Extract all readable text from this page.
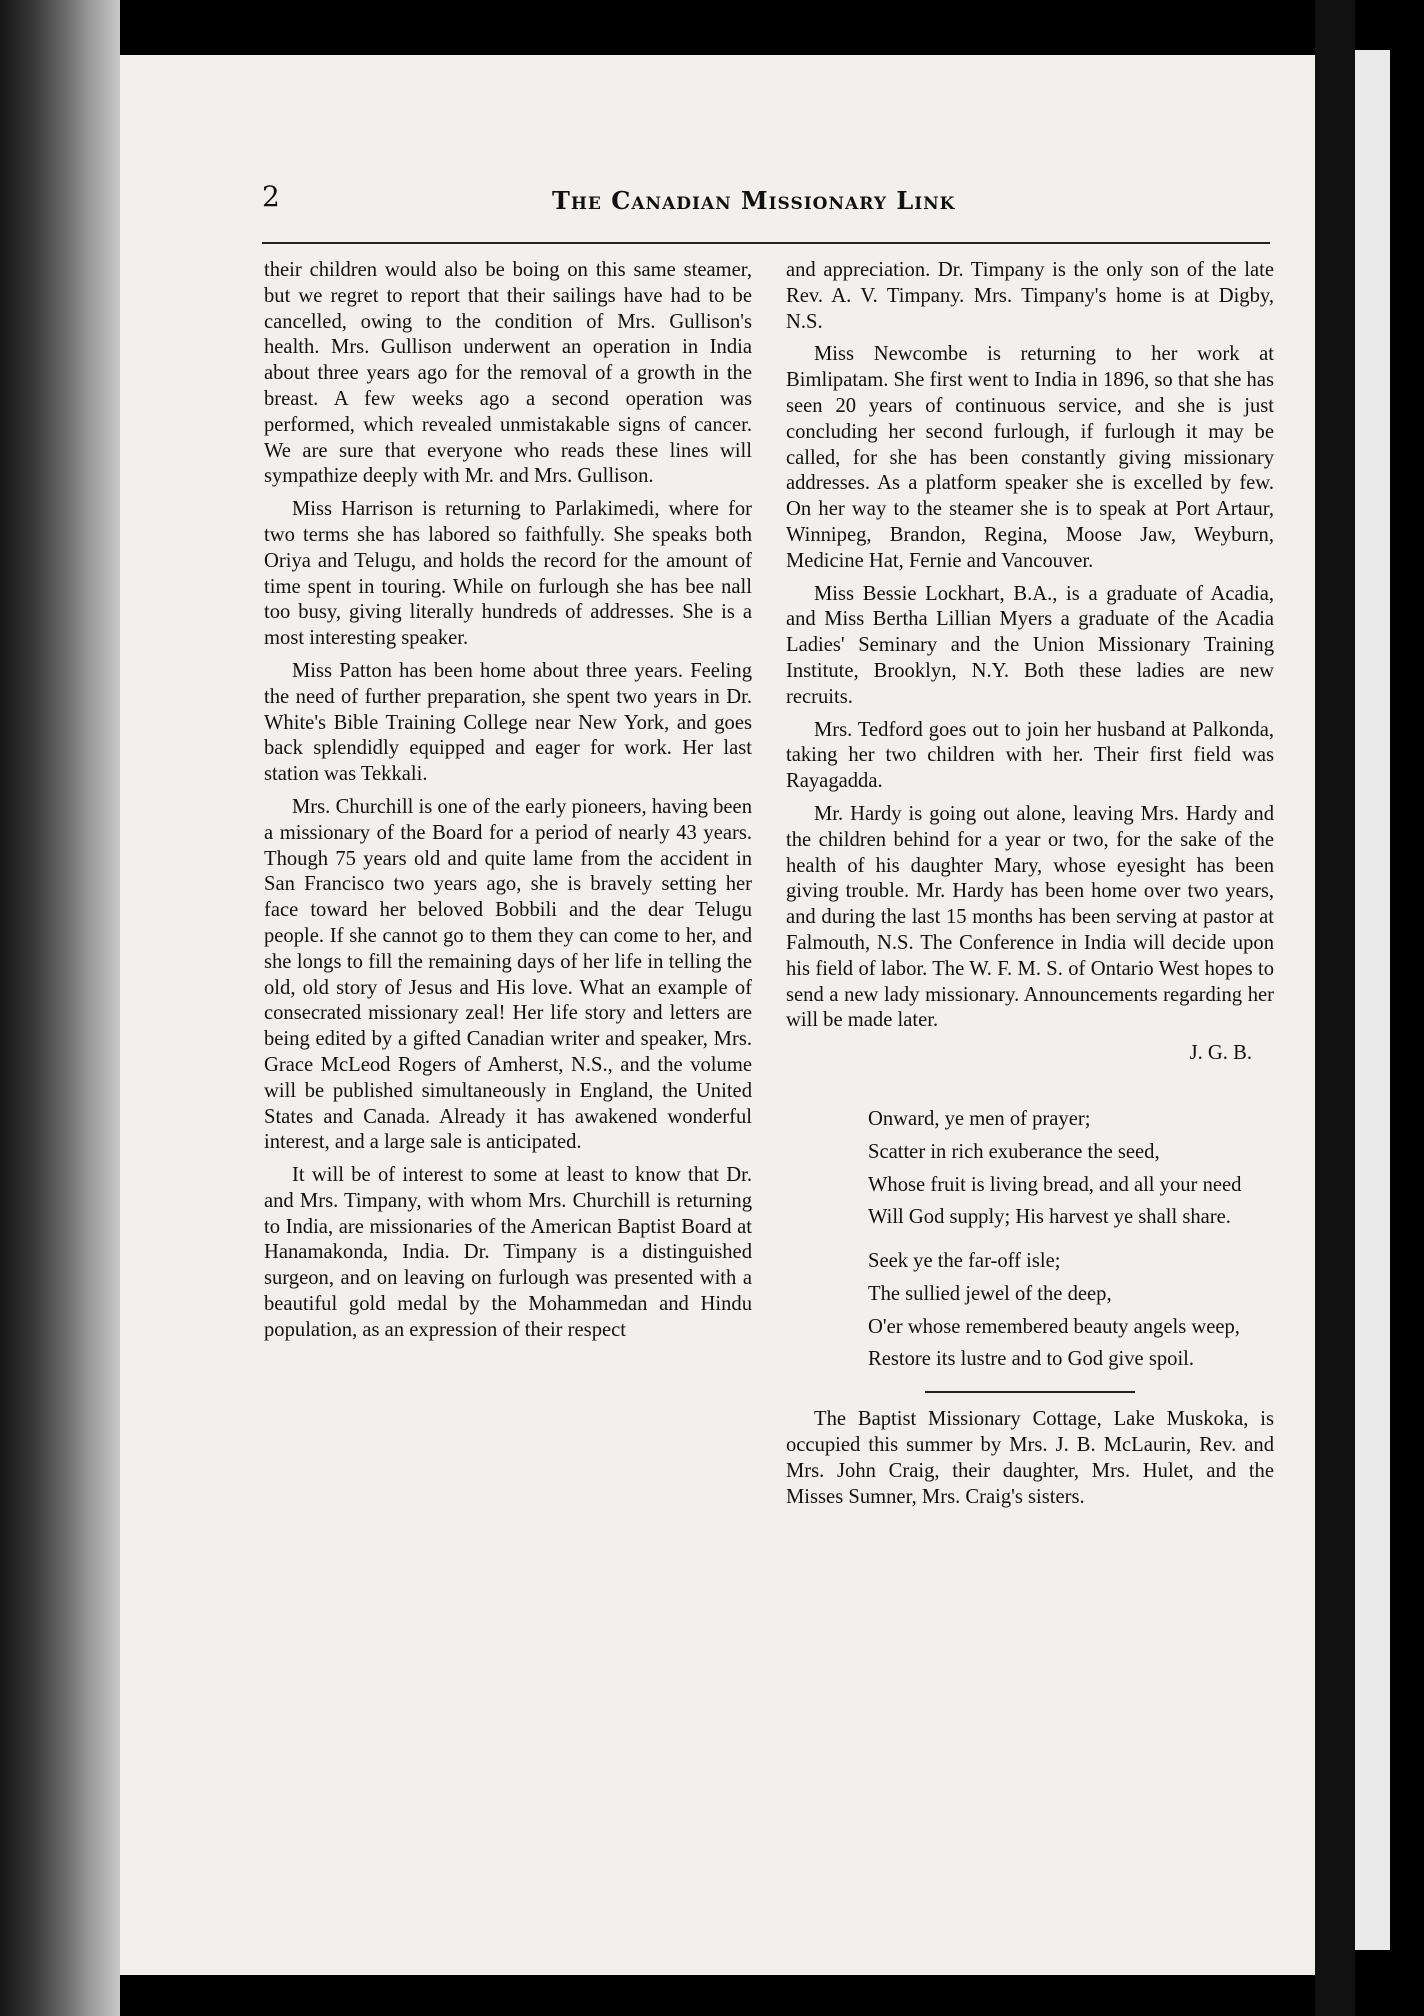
2	The Canadian Missionary Link

their children would also be boing on this same steamer, but we regret to report that their sailings have had to be cancelled, owing to the condition of Mrs. Gullison's health. Mrs. Gullison underwent an operation in India about three years ago for the removal of a growth in the breast. A few weeks ago a second operation was performed, which revealed unmistakable signs of cancer. We are sure that everyone who reads these lines will sympathize deeply with Mr. and Mrs. Gullison.

Miss Harrison is returning to Parlakimedi, where for two terms she has labored so faithfully. She speaks both Oriya and Telugu, and holds the record for the amount of time spent in touring. While on furlough she has bee nall too busy, giving literally hundreds of addresses. She is a most interesting speaker.

Miss Patton has been home about three years. Feeling the need of further preparation, she spent two years in Dr. White's Bible Training College near New York, and goes back splendidly equipped and eager for work. Her last station was Tekkali.

Mrs. Churchill is one of the early pioneers, having been a missionary of the Board for a period of nearly 43 years. Though 75 years old and quite lame from the accident in San Francisco two years ago, she is bravely setting her face toward her beloved Bobbili and the dear Telugu people. If she cannot go to them they can come to her, and she longs to fill the remaining days of her life in telling the old, old story of Jesus and His love. What an example of consecrated missionary zeal! Her life story and letters are being edited by a gifted Canadian writer and speaker, Mrs. Grace McLeod Rogers of Amherst, N.S., and the volume will be published simultaneously in England, the United States and Canada. Already it has awakened wonderful interest, and a large sale is anticipated.

It will be of interest to some at least to know that Dr. and Mrs. Timpany, with whom Mrs. Churchill is returning to India, are missionaries of the American Baptist Board at Hanamakonda, India. Dr. Timpany is a distinguished surgeon, and on leaving on furlough was presented with a beautiful gold medal by the Mohammedan and Hindu population, as an expression of their respect

and appreciation. Dr. Timpany is the only son of the late Rev. A. V. Timpany. Mrs. Timpany's home is at Digby, N.S.

Miss Newcombe is returning to her work at Bimlipatam. She first went to India in 1896, so that she has seen 20 years of continuous service, and she is just concluding her second furlough, if furlough it may be called, for she has been constantly giving missionary addresses. As a platform speaker she is excelled by few. On her way to the steamer she is to speak at Port Artaur, Winnipeg, Brandon, Regina, Moose Jaw, Weyburn, Medicine Hat, Fernie and Vancouver.

Miss Bessie Lockhart, B.A., is a graduate of Acadia, and Miss Bertha Lillian Myers a graduate of the Acadia Ladies' Seminary and the Union Missionary Training Institute, Brooklyn, N.Y. Both these ladies are new recruits.

Mrs. Tedford goes out to join her husband at Palkonda, taking her two children with her. Their first field was Rayagadda.

Mr. Hardy is going out alone, leaving Mrs. Hardy and the children behind for a year or two, for the sake of the health of his daughter Mary, whose eyesight has been giving trouble. Mr. Hardy has been home over two years, and during the last 15 months has been serving at pastor at Falmouth, N.S. The Conference in India will decide upon his field of labor. The W. F. M. S. of Ontario West hopes to send a new lady missionary. Announcements regarding her will be made later.

J. G. B.

Onward, ye men of prayer;

Scatter in rich exuberance the seed,

Whose fruit is living bread, and all your need

Will God supply; His harvest ye shall share.

Seek ye the far-off isle;

The sullied jewel of the deep,

O'er whose remembered beauty angels weep,

Restore its lustre and to God give spoil.

The Baptist Missionary Cottage, Lake Muskoka, is occupied this summer by Mrs. J. B. McLaurin, Rev. and Mrs. John Craig, their daughter, Mrs. Hulet, and the Misses Sumner, Mrs. Craig's sisters.
